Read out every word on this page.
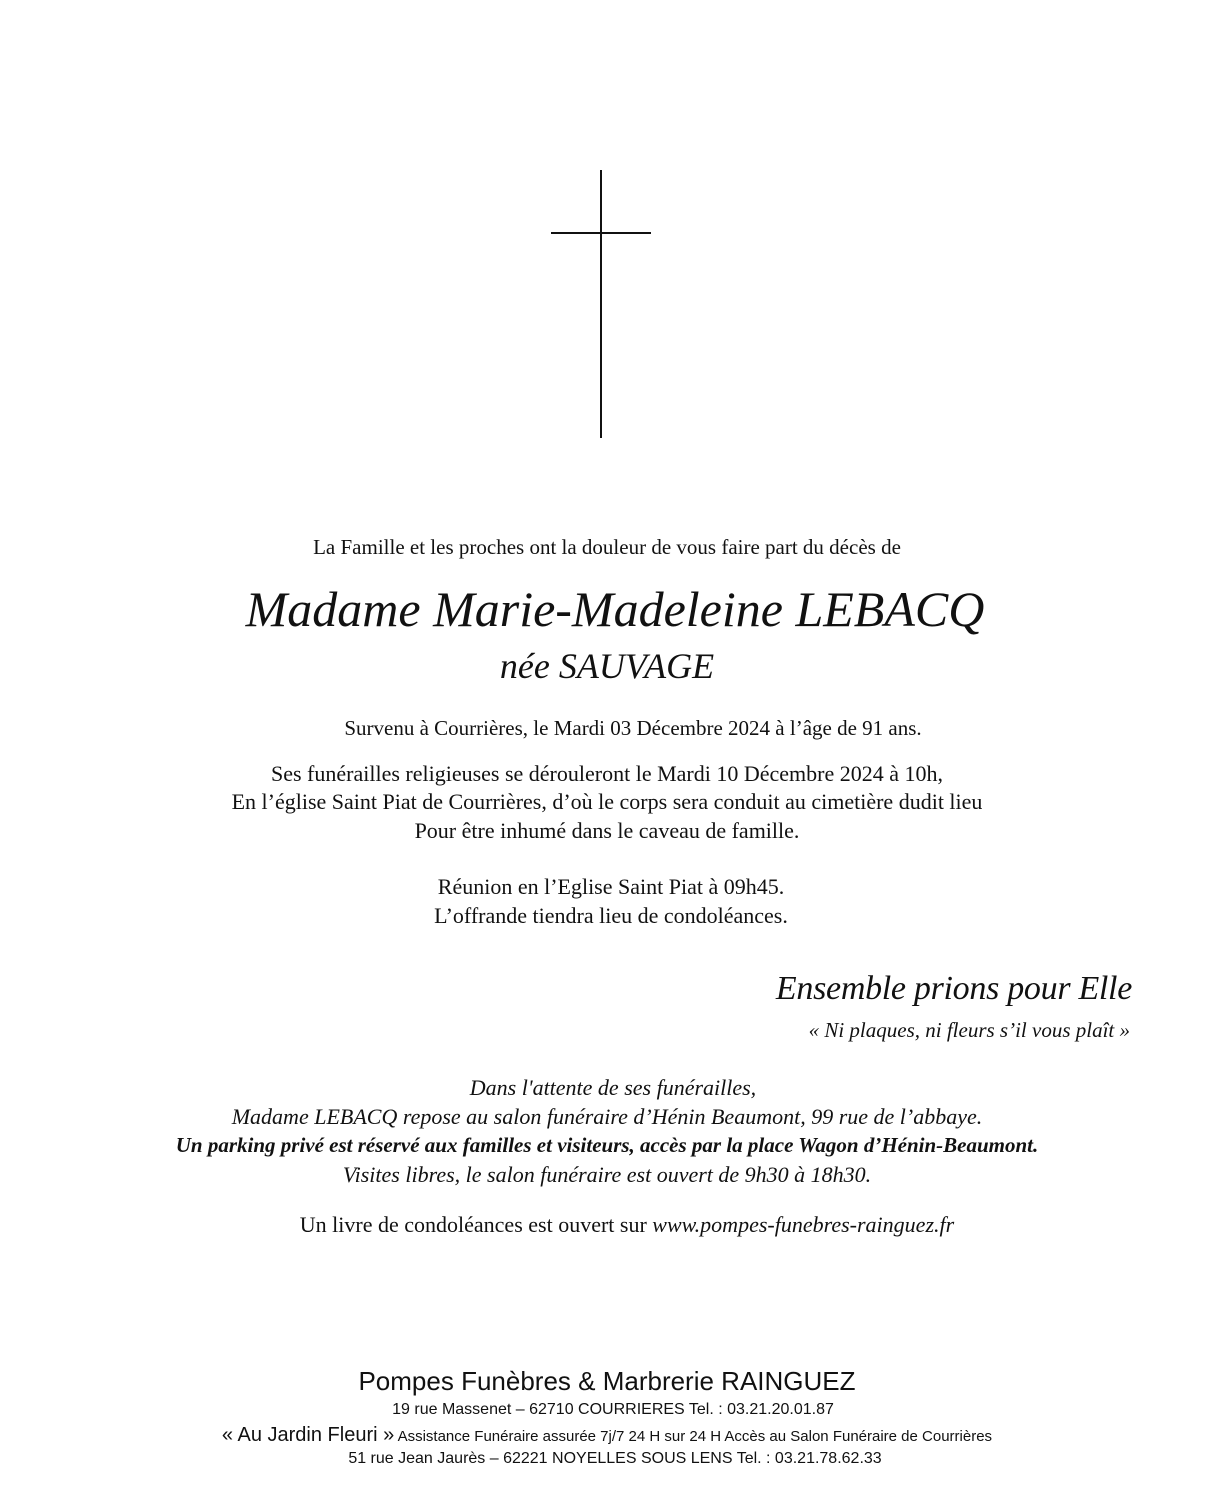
La Famille et les proches ont la douleur de vous faire part du décès de
Madame Marie-Madeleine LEBACQ
née SAUVAGE
Survenu à Courrières, le Mardi 03 Décembre 2024 à l’âge de 91 ans.
Ses funérailles religieuses se dérouleront le Mardi 10 Décembre 2024 à 10h,
En l’église Saint Piat de Courrières, d’où le corps sera conduit au cimetière dudit lieu
Pour être inhumé dans le caveau de famille.
Réunion en l’Eglise Saint Piat à 09h45.
L’offrande tiendra lieu de condoléances.
Ensemble prions pour Elle
« Ni plaques, ni fleurs s’il vous plaît »
Dans l'attente de ses funérailles,
Madame LEBACQ repose au salon funéraire d’Hénin Beaumont, 99 rue de l’abbaye.
Un parking privé est réservé aux familles et visiteurs, accès par la place Wagon d’Hénin-Beaumont.
Visites libres, le salon funéraire est ouvert de 9h30 à 18h30.
Un livre de condoléances est ouvert sur www.pompes-funebres-rainguez.fr
Pompes Funèbres & Marbrerie RAINGUEZ
19 rue Massenet – 62710 COURRIERES Tel. : 03.21.20.01.87
« Au Jardin Fleuri » Assistance Funéraire assurée 7j/7 24 H sur 24 H Accès au Salon Funéraire de Courrières
51 rue Jean Jaurès – 62221 NOYELLES SOUS LENS Tel. : 03.21.78.62.33
